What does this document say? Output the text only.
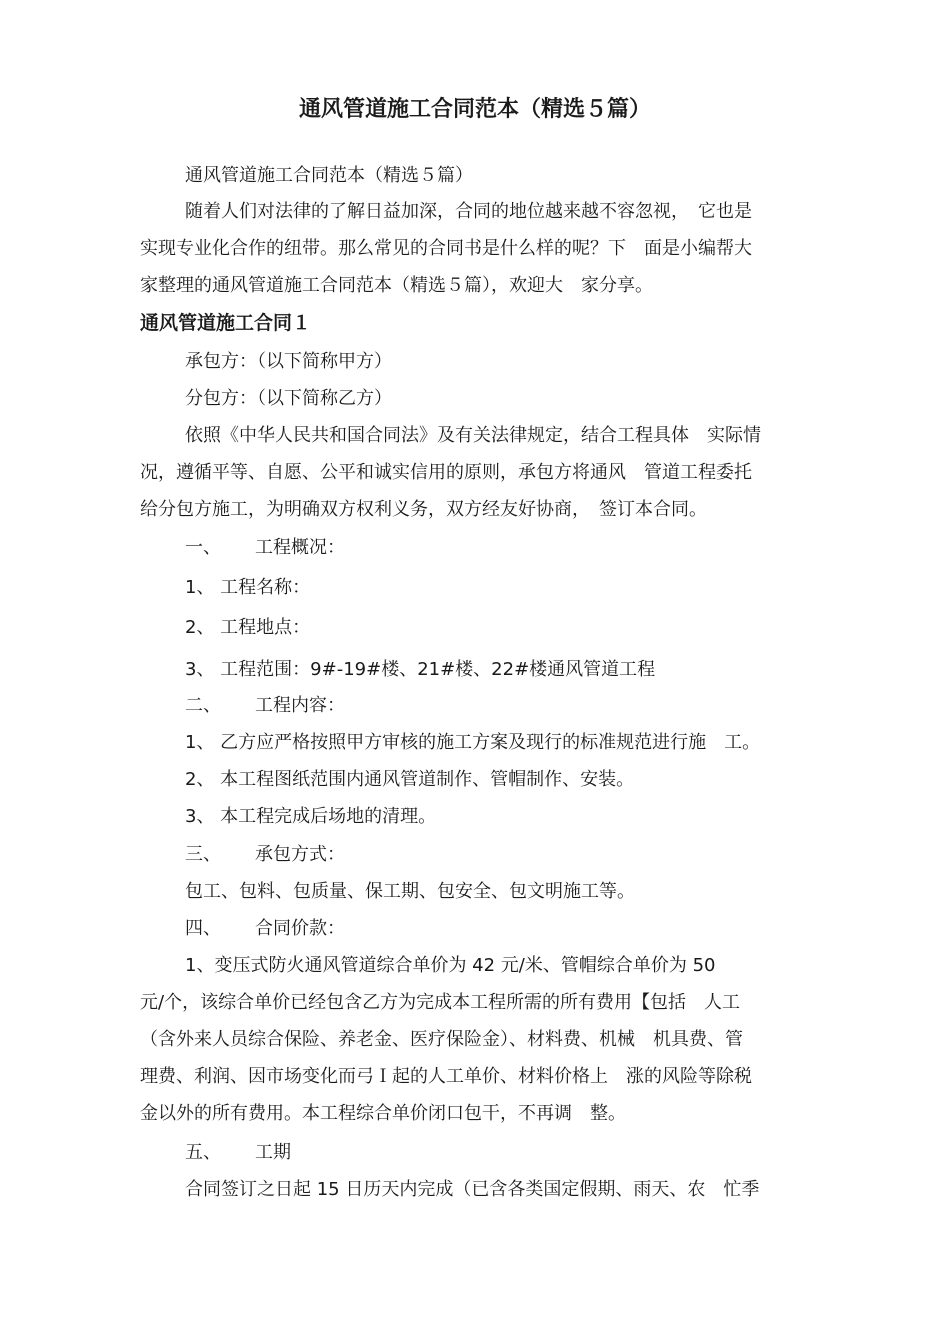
通风管道施工合同范本（精选５篇）
通风管道施工合同范本（精选５篇）
随着人们对法律的了解日益加深，合同的地位越来越不容忽视，　它也是
实现专业化合作的纽带。那么常见的合同书是什么样的呢？下　面是小编帮大
家整理的通风管道施工合同范本（精选５篇），欢迎大　家分享。
通风管道施工合同１
承包方：（以下简称甲方）
分包方：（以下简称乙方）
依照《中华人民共和国合同法》及有关法律规定，结合工程具体　实际情
况，遵循平等、自愿、公平和诚实信用的原则，承包方将通风　管道工程委托
给分包方施工，为明确双方权利义务，双方经友好协商，　签订本合同。
一、 工程概况：
1、 工程名称：
2、 工程地点：
3、 工程范围：9#-19#楼、21#楼、22#楼通风管道工程
二、 工程内容：
1、 乙方应严格按照甲方审核的施工方案及现行的标准规范进行施　工。
2、 本工程图纸范围内通风管道制作、管帽制作、安装。
3、 本工程完成后场地的清理。
三、 承包方式：
包工、包料、包质量、保工期、包安全、包文明施工等。
四、 合同价款：
1、变压式防火通风管道综合单价为 42 元/米、管帽综合单价为 50
元/个，该综合单价已经包含乙方为完成本工程所需的所有费用【包括　人工
（含外来人员综合保险、养老金、医疗保险金）、材料费、机械　机具费、管
理费、利润、因市场变化而弓Ｉ起的人工单价、材料价格上　涨的风险等除税
金以外的所有费用。本工程综合单价闭口包干，不再调　整。
五、 工期
合同签订之日起 15 日历天内完成（已含各类国定假期、雨天、农　忙季
